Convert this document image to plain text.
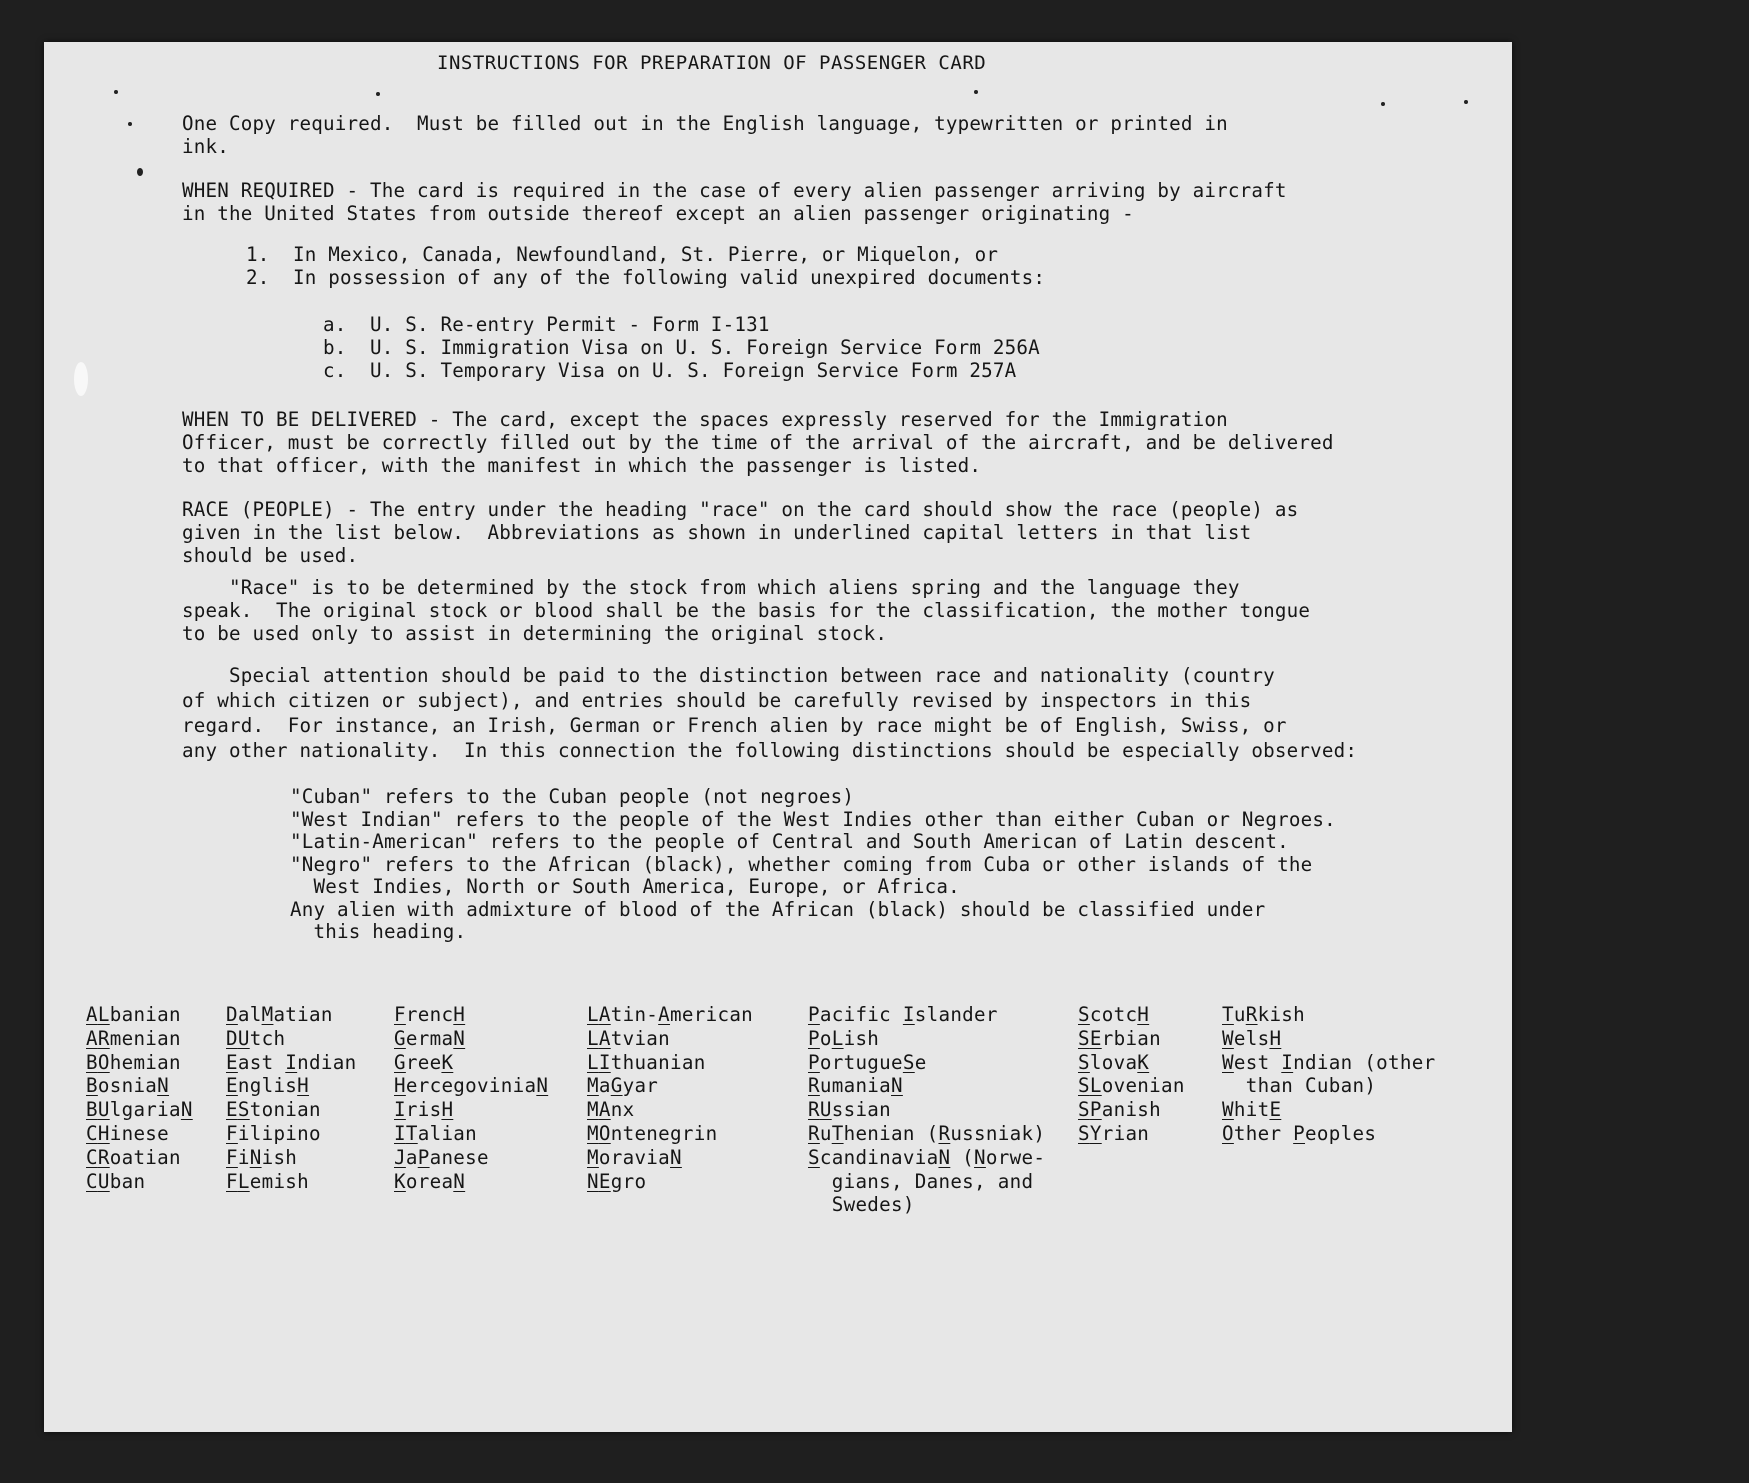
INSTRUCTIONS FOR PREPARATION OF PASSENGER CARD
One Copy required.  Must be filled out in the English language, typewritten or printed in
ink.
WHEN REQUIRED - The card is required in the case of every alien passenger arriving by aircraft
in the United States from outside thereof except an alien passenger originating -
1.  In Mexico, Canada, Newfoundland, St. Pierre, or Miquelon, or
2.  In possession of any of the following valid unexpired documents:
a.  U. S. Re-entry Permit - Form I-131
b.  U. S. Immigration Visa on U. S. Foreign Service Form 256A
c.  U. S. Temporary Visa on U. S. Foreign Service Form 257A
WHEN TO BE DELIVERED - The card, except the spaces expressly reserved for the Immigration
Officer, must be correctly filled out by the time of the arrival of the aircraft, and be delivered
to that officer, with the manifest in which the passenger is listed.
RACE (PEOPLE) - The entry under the heading "race" on the card should show the race (people) as
given in the list below.  Abbreviations as shown in underlined capital letters in that list
should be used.
"Race" is to be determined by the stock from which aliens spring and the language they
speak.  The original stock or blood shall be the basis for the classification, the mother tongue
to be used only to assist in determining the original stock.
Special attention should be paid to the distinction between race and nationality (country
of which citizen or subject), and entries should be carefully revised by inspectors in this
regard.  For instance, an Irish, German or French alien by race might be of English, Swiss, or
any other nationality.  In this connection the following distinctions should be especially observed:
"Cuban" refers to the Cuban people (not negroes)
"West Indian" refers to the people of the West Indies other than either Cuban or Negroes.
"Latin-American" refers to the people of Central and South American of Latin descent.
"Negro" refers to the African (black), whether coming from Cuba or other islands of the
West Indies, North or South America, Europe, or Africa.
Any alien with admixture of blood of the African (black) should be classified under
this heading.
ALbanian
ARmenian
BOhemian
BosniaN
BUlgariaN
CHinese
CRoatian
CUban
DalMatian
DUtch
East Indian
EnglisH
EStonian
Filipino
FiNish
FLemish
FrencH
GermaN
GreeK
HercegoviniaN
IrisH
ITalian
JaPanese
KoreaN
LAtin-American
LAtvian
LIthuanian
MaGyar
MAnx
MOntenegrin
MoraviaN
NEgro
Pacific Islander
PoLish
PortugueSe
RumaniaN
RUssian
RuThenian (Russniak)
ScandinaviaN (Norwe-
gians, Danes, and
Swedes)
ScotcH
SErbian
SlovaK
SLovenian
SPanish
SYrian
TuRkish
WelsH
West Indian (other
than Cuban)
WhitE
Other Peoples
